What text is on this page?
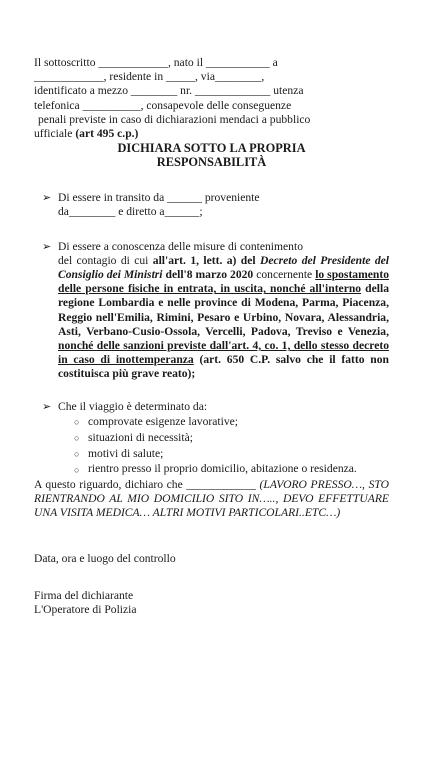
Il sottoscritto ____________, nato il ___________ a
____________, residente in _____, via________,
identificato a mezzo ________ nr. _____________ utenza
telefonica __________, consapevole delle conseguenze
penali previste in caso di dichiarazioni mendaci a pubblico
ufficiale (art 495 c.p.)

DICHIARA SOTTO LA PROPRIA
RESPONSABILITÀ

➢ Di essere in transito da ______ proveniente
da________ e diretto a______;
➢ Di essere a conoscenza delle misure di contenimento
del contagio di cui all'art. 1, lett. a) del Decreto del Presidente del Consiglio dei Ministri dell'8 marzo 2020 concernente lo spostamento delle persone fisiche in entrata, in uscita, nonché all'interno della regione Lombardia e nelle province di Modena, Parma, Piacenza, Reggio nell'Emilia, Rimini, Pesaro e Urbino, Novara, Alessandria, Asti, Verbano-Cusio-Ossola, Vercelli, Padova, Treviso e Venezia, nonché delle sanzioni previste dall'art. 4, co. 1, dello stesso decreto in caso di inottemperanza (art. 650 C.P. salvo che il fatto non costituisca più grave reato);
➢ Che il viaggio è determinato da:
○ comprovate esigenze lavorative;
○ situazioni di necessità;
○ motivi di salute;
○ rientro presso il proprio domicilio, abitazione o residenza.

A questo riguardo, dichiaro che ____________ (LAVORO PRESSO…, STO RIENTRANDO AL MIO DOMICILIO SITO IN….., DEVO EFFETTUARE UNA VISITA MEDICA… ALTRI MOTIVI PARTICOLARI..ETC…)

Data, ora e luogo del controllo

Firma del dichiarante

L'Operatore di Polizia
